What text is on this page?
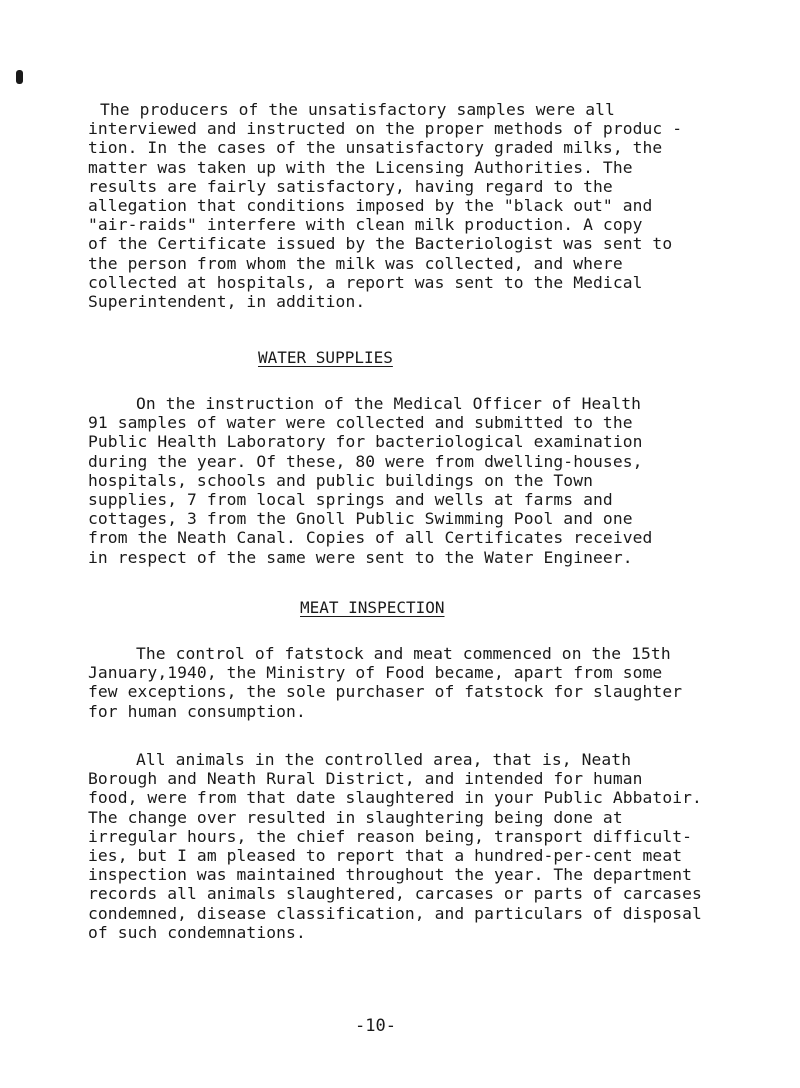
The producers of the unsatisfactory samples were all
interviewed and instructed on the proper methods of produc -
tion. In the cases of the unsatisfactory graded milks, the
matter was taken up with the Licensing Authorities. The
results are fairly satisfactory, having regard to the
allegation that conditions imposed by the "black out" and
"air-raids" interfere with clean milk production. A copy
of the Certificate issued by the Bacteriologist was sent to
the person from whom the milk was collected, and where
collected at hospitals, a report was sent to the Medical
Superintendent, in addition.
WATER SUPPLIES
On the instruction of the Medical Officer of Health
91 samples of water were collected and submitted to the
Public Health Laboratory for bacteriological examination
during the year. Of these, 80 were from dwelling-houses,
hospitals, schools and public buildings on the Town
supplies, 7 from local springs and wells at farms and
cottages, 3 from the Gnoll Public Swimming Pool and one
from the Neath Canal. Copies of all Certificates received
in respect of the same were sent to the Water Engineer.
MEAT INSPECTION
The control of fatstock and meat commenced on the 15th
January,1940, the Ministry of Food became, apart from some
few exceptions, the sole purchaser of fatstock for slaughter
for human consumption.
All animals in the controlled area, that is, Neath
Borough and Neath Rural District, and intended for human
food, were from that date slaughtered in your Public Abbatoir.
The change over resulted in slaughtering being done at
irregular hours, the chief reason being, transport difficult-
ies, but I am pleased to report that a hundred-per-cent meat
inspection was maintained throughout the year. The department
records all animals slaughtered, carcases or parts of carcases
condemned, disease classification, and particulars of disposal
of such condemnations.
-10-
